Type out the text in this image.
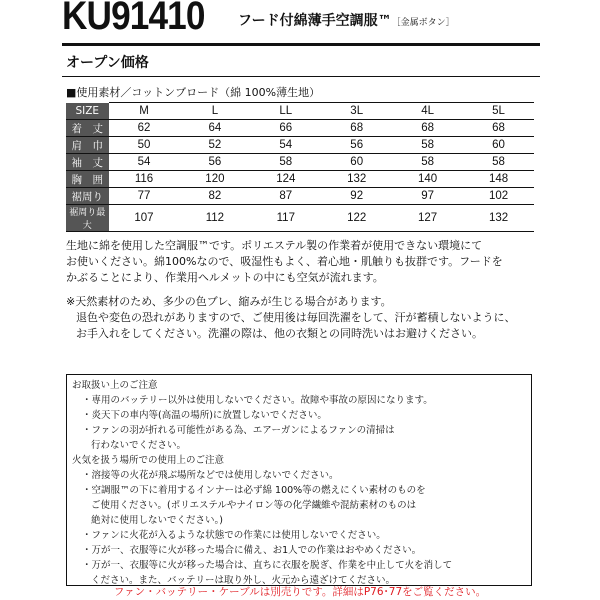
KU91410 フード付綿薄手空調服™［金属ボタン］
オープン価格
■使用素材／コットンブロード（綿 100%薄生地）
SIZE	M	L	LL	3L	4L	5L
着　丈	62	64	66	68	68	68
肩　巾	50	52	54	56	58	60
袖　丈	54	56	58	60	58	58
胸　囲	116	120	124	132	140	148
裾周り	77	82	87	92	97	102
裾周り最大	107	112	117	122	127	132
生地に綿を使用した空調服™です。ポリエステル製の作業着が使用できない環境にて
お使いください。綿100%なので、吸湿性もよく、着心地・肌触りも抜群です。フードを
かぶることにより、作業用ヘルメットの中にも空気が流れます。
※天然素材のため、多少の色ブレ、縮みが生じる場合があります。
退色や変色の恐れがありますので、ご使用後は毎回洗濯をして、汗が蓄積しないように、
お手入れをしてください。洗濯の際は、他の衣類との同時洗いはお避けください。
お取扱い上のご注意
・専用のバッテリー以外は使用しないでください。故障や事故の原因になります。
・炎天下の車内等(高温の場所)に放置しないでください。
・ファンの羽が折れる可能性がある為、エアーガンによるファンの清掃は
行わないでください。
火気を扱う場所での使用上のご注意
・溶接等の火花が飛ぶ場所などでは使用しないでください。
・空調服™の下に着用するインナーは必ず綿 100%等の燃えにくい素材のものを
ご使用ください。(ポリエステルやナイロン等の化学繊維や混紡素材のものは
絶対に使用しないでください。)
・ファンに火花が入るような状態での作業には使用しないでください。
・万が一、衣服等に火が移った場合に備え、お1人での作業はおやめください。
・万が一、衣服等に火が移った場合は、直ちに衣服を脱ぎ、作業を中止して火を消して
ください。また、バッテリーは取り外し、火元から遠ざけてください。
ファン・バッテリー・ケーブルは別売りです。詳細はP76･77をご覧ください。
